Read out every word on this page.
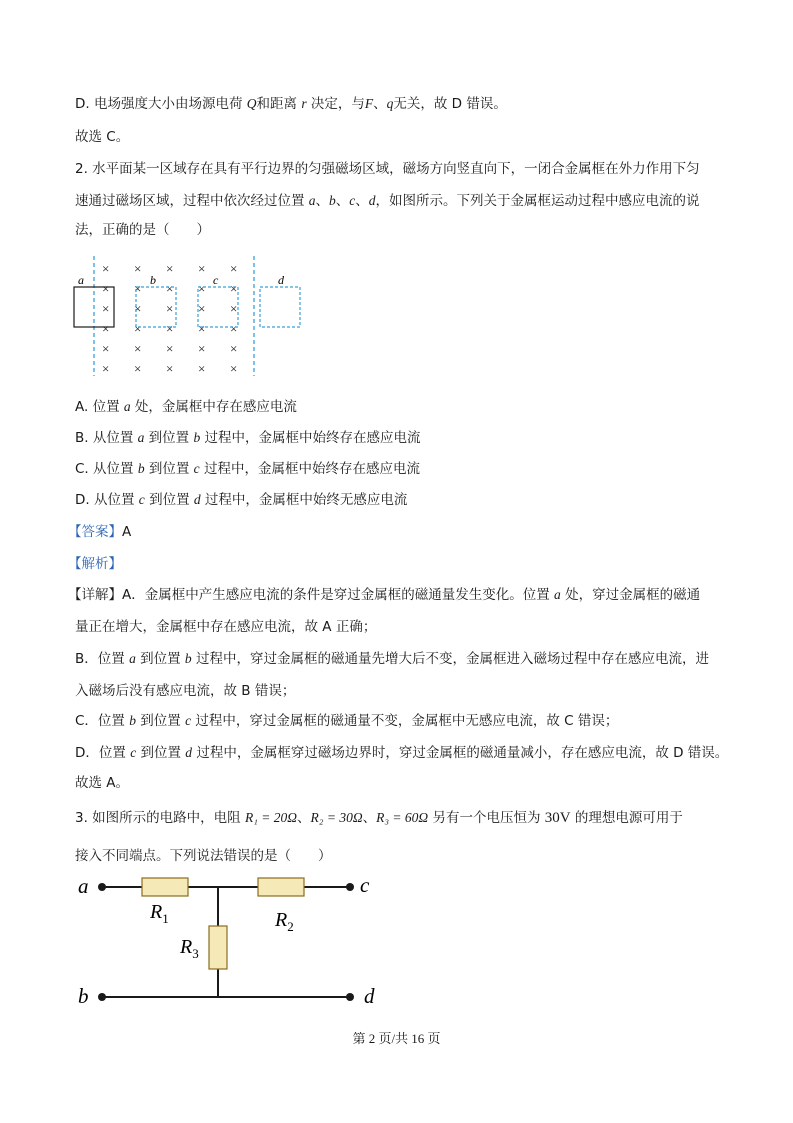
D. 电场强度大小由场源电荷 Q和距离 r 决定，与F、q无关，故 D 错误。
故选 C。
2. 水平面某一区域存在具有平行边界的匀强磁场区域，磁场方向竖直向下，一闭合金属框在外力作用下匀
速通过磁场区域，过程中依次经过位置 a、b、c、d，如图所示。下列关于金属框运动过程中感应电流的说
法，正确的是（　　）
× × × × ×
× × × × ×
× × × × ×
× × × × ×
× × × × ×
× × × × ×
a	b	c	d
A. 位置 a 处，金属框中存在感应电流
B. 从位置 a 到位置 b 过程中，金属框中始终存在感应电流
C. 从位置 b 到位置 c 过程中，金属框中始终存在感应电流
D. 从位置 c 到位置 d 过程中，金属框中始终无感应电流
【答案】A
【解析】
【详解】A．金属框中产生感应电流的条件是穿过金属框的磁通量发生变化。位置 a 处，穿过金属框的磁通
量正在增大，金属框中存在感应电流，故 A 正确；
B．位置 a 到位置 b 过程中，穿过金属框的磁通量先增大后不变，金属框进入磁场过程中存在感应电流，进
入磁场后没有感应电流，故 B 错误；
C．位置 b 到位置 c 过程中，穿过金属框的磁通量不变，金属框中无感应电流，故 C 错误；
D．位置 c 到位置 d 过程中，金属框穿过磁场边界时，穿过金属框的磁通量减小，存在感应电流，故 D 错误。
故选 A。
3. 如图所示的电路中，电阻 R₁ = 20Ω、R₂ = 30Ω、R₃ = 60Ω 另有一个电压恒为 30V 的理想电源可用于
接入不同端点。下列说法错误的是（　　）
a	c
b	d
$R_1$	$R_2$
$R_3$
第 2 页/共 16 页
